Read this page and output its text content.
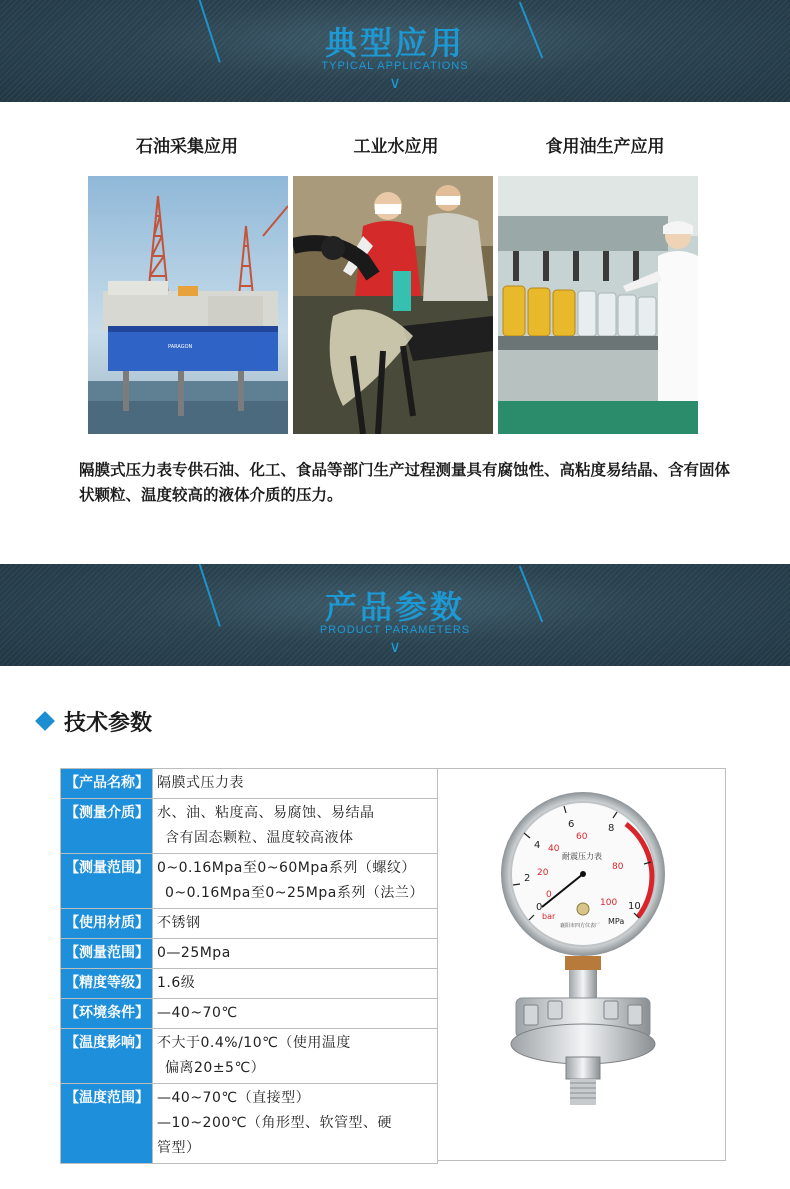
典型应用
TYPICAL APPLICATIONS
∨
石油采集应用	工业水应用	食用油生产应用
PARAGON
隔膜式压力表专供石油、化工、食品等部门生产过程测量具有腐蚀性、高粘度易结晶、含有固体状颗粒、温度较高的液体介质的压力。
产品参数
PRODUCT PARAMETERS
∨
技术参数
【产品名称】	隔膜式压力表
【测量介质】	水、油、粘度高、易腐蚀、易结晶
含有固态颗粒、温度较高液体

【测量范围】	0~0.16Mpa至0~60Mpa系列（螺纹）
0~0.16Mpa至0~25Mpa系列（法兰）

【使用材质】	不锈钢
【测量范围】	0—25Mpa
【精度等级】	1.6级
【环境条件】	—40~70℃
【温度影响】	不大于0.4%/10℃（使用温度
偏离20±5℃）

【温度范围】	—40~70℃（直接型）
—10~200℃（角形型、软管型、硬
管型）
0
2
4
6	8
10
0
20
40
60
80
100
耐震压力表
bar
MPa
襄阳市四方仪表厂
